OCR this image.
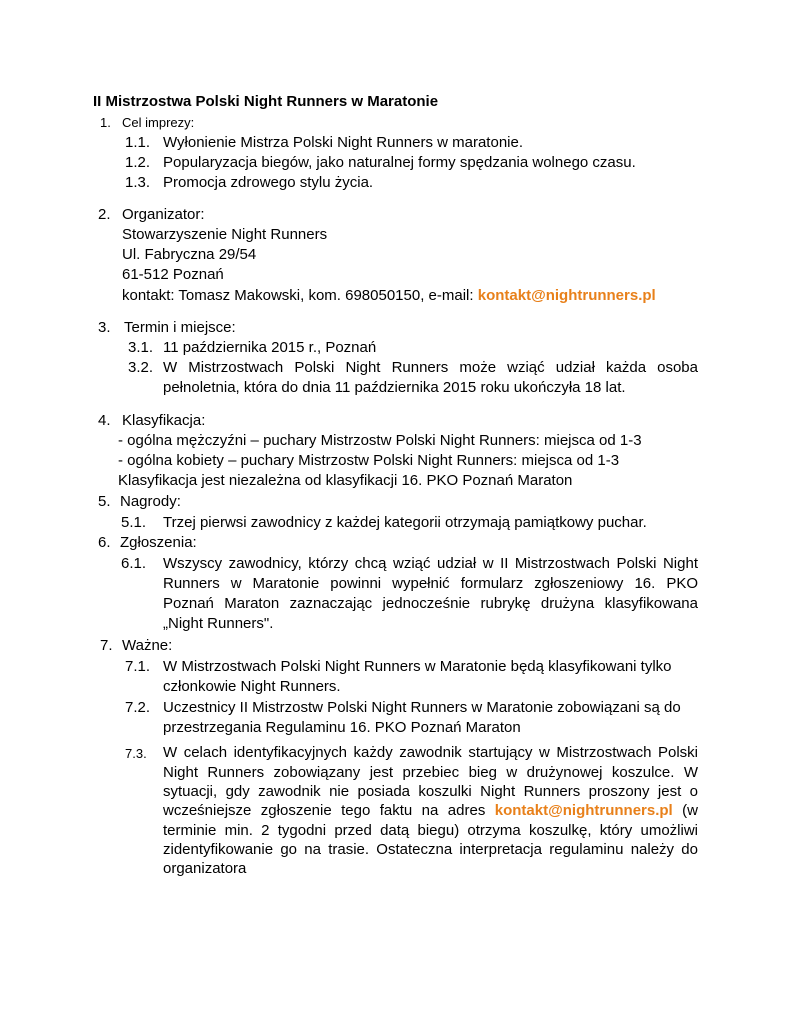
II Mistrzostwa Polski Night Runners w Maratonie
1. Cel imprezy:
1.1. Wyłonienie Mistrza Polski Night Runners w maratonie.
1.2. Popularyzacja biegów, jako naturalnej formy spędzania wolnego czasu.
1.3. Promocja zdrowego stylu życia.
2. Organizator:
Stowarzyszenie Night Runners
Ul. Fabryczna 29/54
61-512 Poznań
kontakt: Tomasz Makowski, kom. 698050150, e-mail: kontakt@nightrunners.pl
3. Termin i miejsce:
3.1. 11 października 2015 r., Poznań
3.2. W Mistrzostwach Polski Night Runners może wziąć udział każda osoba
pełnoletnia, która do dnia 11 października 2015 roku ukończyła 18 lat.
4. Klasyfikacja:
- ogólna mężczyźni – puchary Mistrzostw Polski Night Runners: miejsca od 1-3
- ogólna kobiety – puchary Mistrzostw Polski Night Runners: miejsca od 1-3
Klasyfikacja jest niezależna od klasyfikacji 16. PKO Poznań Maraton
5. Nagrody:
5.1. Trzej pierwsi zawodnicy z każdej kategorii otrzymają pamiątkowy puchar.
6. Zgłoszenia:
6.1. Wszyscy zawodnicy, którzy chcą wziąć udział w II Mistrzostwach Polski Night
Runners w Maratonie powinni wypełnić formularz zgłoszeniowy 16. PKO
Poznań Maraton zaznaczając jednocześnie rubrykę drużyna klasyfikowana
„Night Runners".
7. Ważne:
7.1. W Mistrzostwach Polski Night Runners w Maratonie będą klasyfikowani tylko
członkowie Night Runners.
7.2. Uczestnicy II Mistrzostw Polski Night Runners w Maratonie zobowiązani są do
przestrzegania Regulaminu 16. PKO Poznań Maraton
7.3. W celach identyfikacyjnych każdy zawodnik startujący w Mistrzostwach Polski
Night Runners zobowiązany jest przebiec bieg w drużynowej koszulce. W
sytuacji, gdy zawodnik nie posiada koszulki Night Runners proszony jest o
wcześniejsze zgłoszenie tego faktu na adres kontakt@nightrunners.pl (w
terminie min. 2 tygodni przed datą biegu) otrzyma koszulkę, który umożliwi
zidentyfikowanie go na trasie. Ostateczna interpretacja regulaminu należy do
organizatora
